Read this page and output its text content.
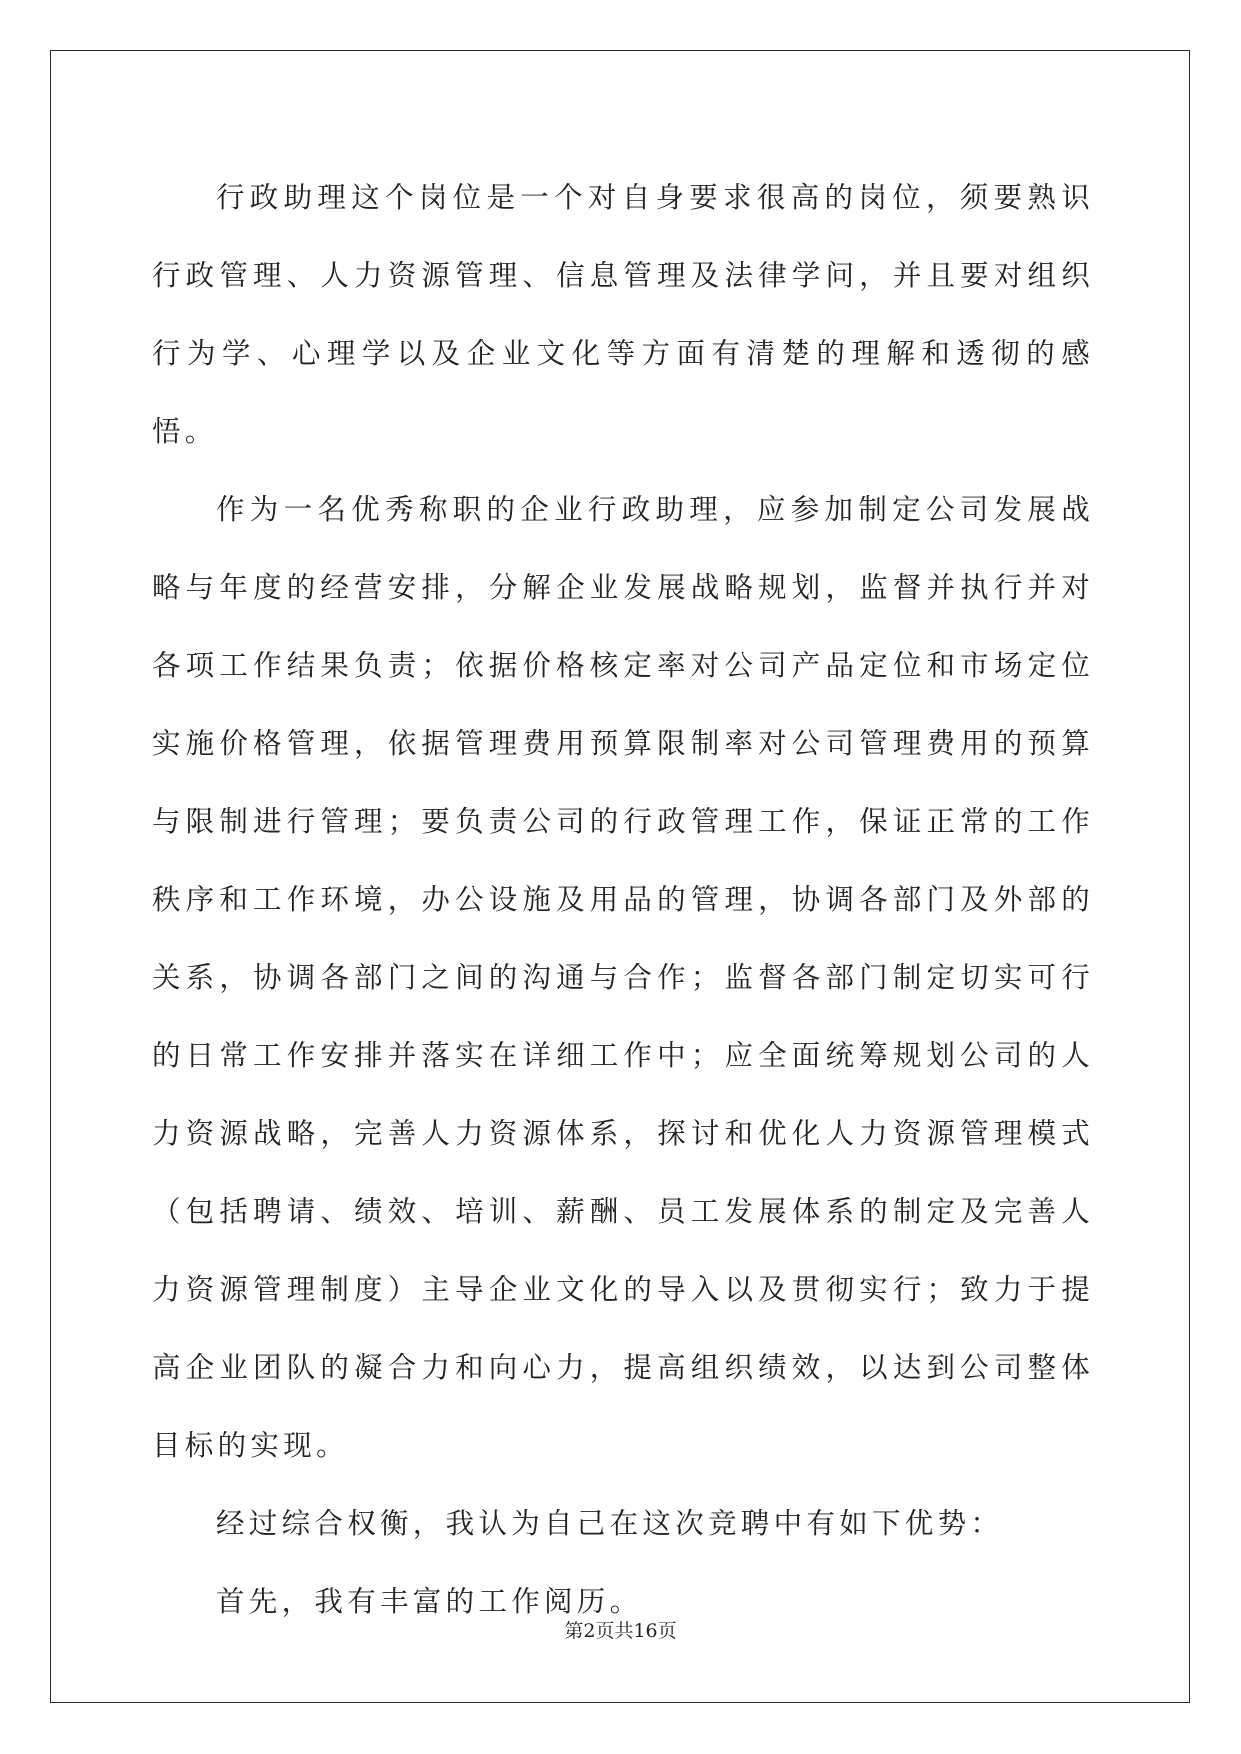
行政助理这个岗位是一个对自身要求很高的岗位，须要熟识行政管理、人力资源管理、信息管理及法律学问，并且要对组织行为学、心理学以及企业文化等方面有清楚的理解和透彻的感悟。

作为一名优秀称职的企业行政助理，应参加制定公司发展战略与年度的经营安排，分解企业发展战略规划，监督并执行并对各项工作结果负责；依据价格核定率对公司产品定位和市场定位实施价格管理，依据管理费用预算限制率对公司管理费用的预算与限制进行管理；要负责公司的行政管理工作，保证正常的工作秩序和工作环境，办公设施及用品的管理，协调各部门及外部的关系，协调各部门之间的沟通与合作；监督各部门制定切实可行的日常工作安排并落实在详细工作中；应全面统筹规划公司的人力资源战略，完善人力资源体系，探讨和优化人力资源管理模式（包括聘请、绩效、培训、薪酬、员工发展体系的制定及完善人力资源管理制度）主导企业文化的导入以及贯彻实行；致力于提高企业团队的凝合力和向心力，提高组织绩效，以达到公司整体目标的实现。

经过综合权衡，我认为自己在这次竞聘中有如下优势：

首先，我有丰富的工作阅历。

第2页共16页
